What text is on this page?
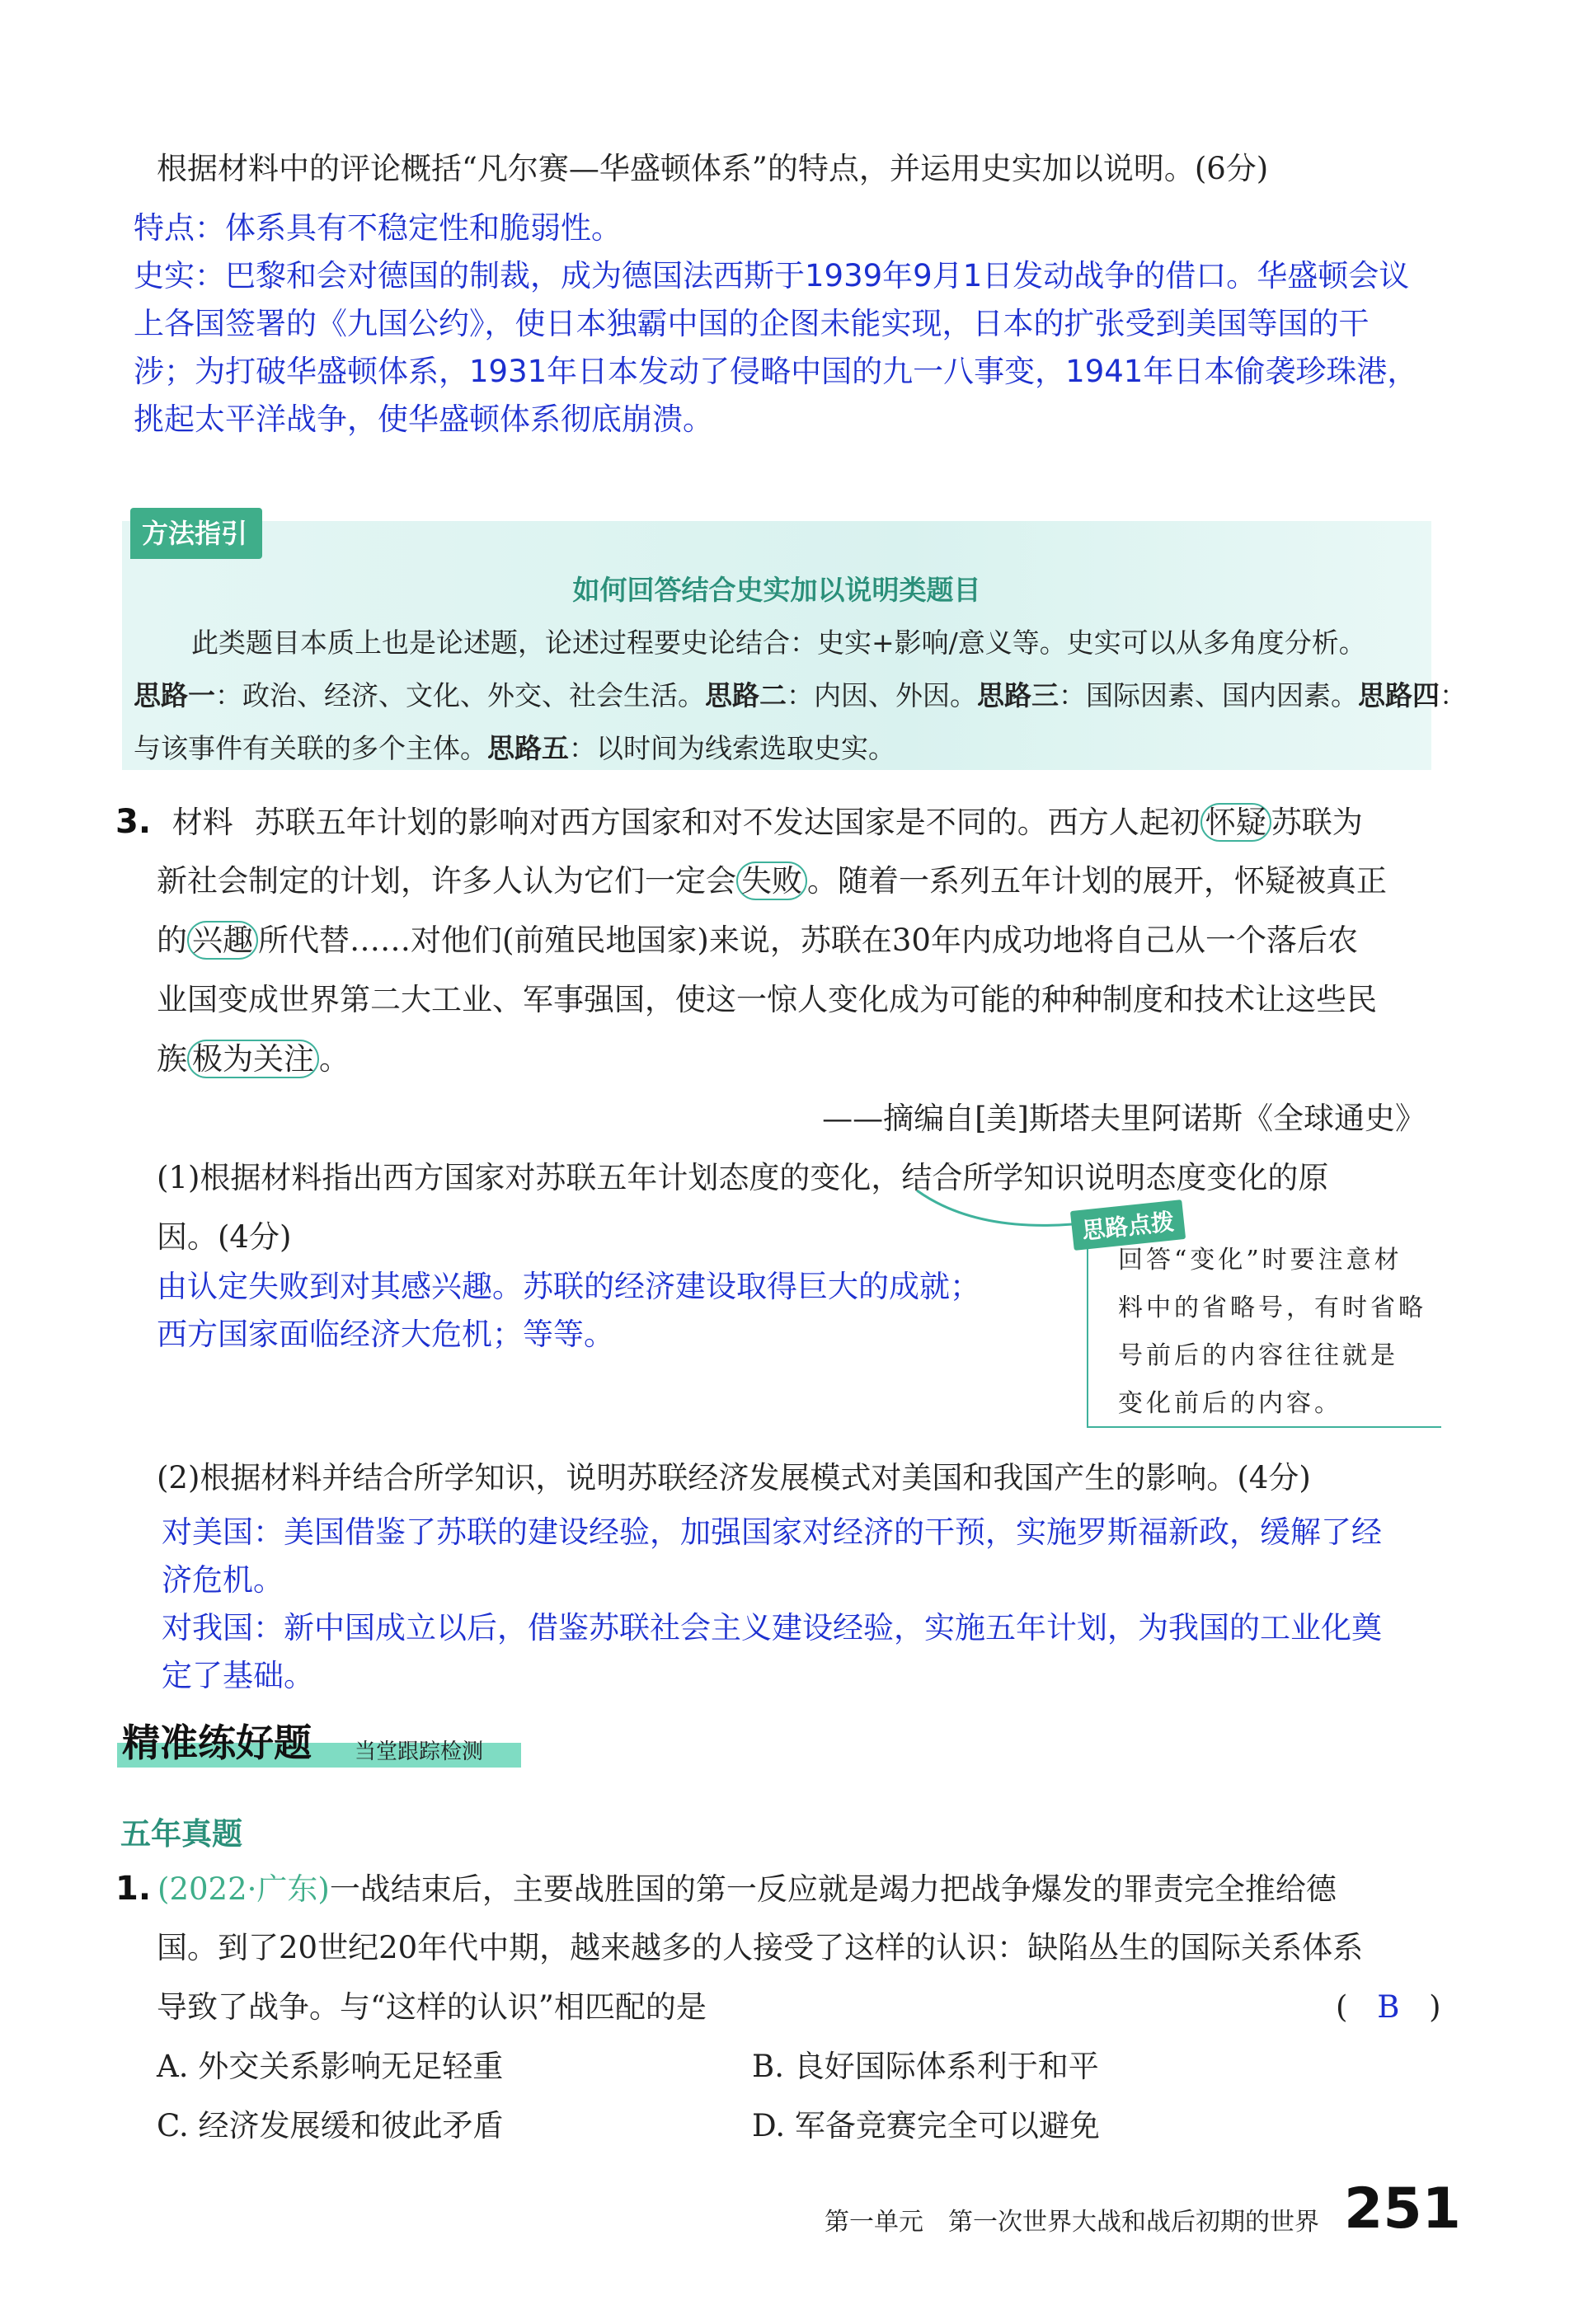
根据材料中的评论概括“凡尔赛—华盛顿体系”的特点，并运用史实加以说明。(6分)
特点：体系具有不稳定性和脆弱性。
史实：巴黎和会对德国的制裁，成为德国法西斯于1939年9月1日发动战争的借口。华盛顿会议
上各国签署的《九国公约》，使日本独霸中国的企图未能实现，日本的扩张受到美国等国的干
涉；为打破华盛顿体系，1931年日本发动了侵略中国的九一八事变，1941年日本偷袭珍珠港，
挑起太平洋战争，使华盛顿体系彻底崩溃。
方法指引
如何回答结合史实加以说明类题目
此类题目本质上也是论述题，论述过程要史论结合：史实+影响/意义等。史实可以从多角度分析。
思路一：政治、经济、文化、外交、社会生活。思路二：内因、外因。思路三：国际因素、国内因素。思路四：
与该事件有关联的多个主体。思路五：以时间为线索选取史实。
3. 材料 苏联五年计划的影响对西方国家和对不发达国家是不同的。西方人起初 怀疑 苏联为
新社会制定的计划，许多人认为它们一定会 失败 。随着一系列五年计划的展开，怀疑被真正
的 兴趣 所代替……对他们(前殖民地国家)来说，苏联在30年内成功地将自己从一个落后农
业国变成世界第二大工业、军事强国，使这一惊人变化成为可能的种种制度和技术让这些民
族 极为关注 。
——摘编自[美]斯塔夫里阿诺斯《全球通史》
(1)根据材料指出西方国家对苏联五年计划态度的变化，结合所学知识说明态度变化的原
因。(4分)
由认定失败到对其感兴趣。苏联的经济建设取得巨大的成就；
西方国家面临经济大危机；等等。
思路点拨
回答“变化”时要注意材
料中的省略号，有时省略
号前后的内容往往就是
变化前后的内容。
(2)根据材料并结合所学知识，说明苏联经济发展模式对美国和我国产生的影响。(4分)
对美国：美国借鉴了苏联的建设经验，加强国家对经济的干预，实施罗斯福新政，缓解了经
济危机。
对我国：新中国成立以后，借鉴苏联社会主义建设经验，实施五年计划，为我国的工业化奠
定了基础。
精准练好题 当堂跟踪检测
五年真题
1. (2022·广东)一战结束后，主要战胜国的第一反应就是竭力把战争爆发的罪责完全推给德
国。到了20世纪20年代中期，越来越多的人接受了这样的认识：缺陷丛生的国际关系体系
导致了战争。与“这样的认识”相匹配的是	( B )
A. 外交关系影响无足轻重	B. 良好国际体系利于和平
C. 经济发展缓和彼此矛盾	D. 军备竞赛完全可以避免
第一单元　第一次世界大战和战后初期的世界 251
